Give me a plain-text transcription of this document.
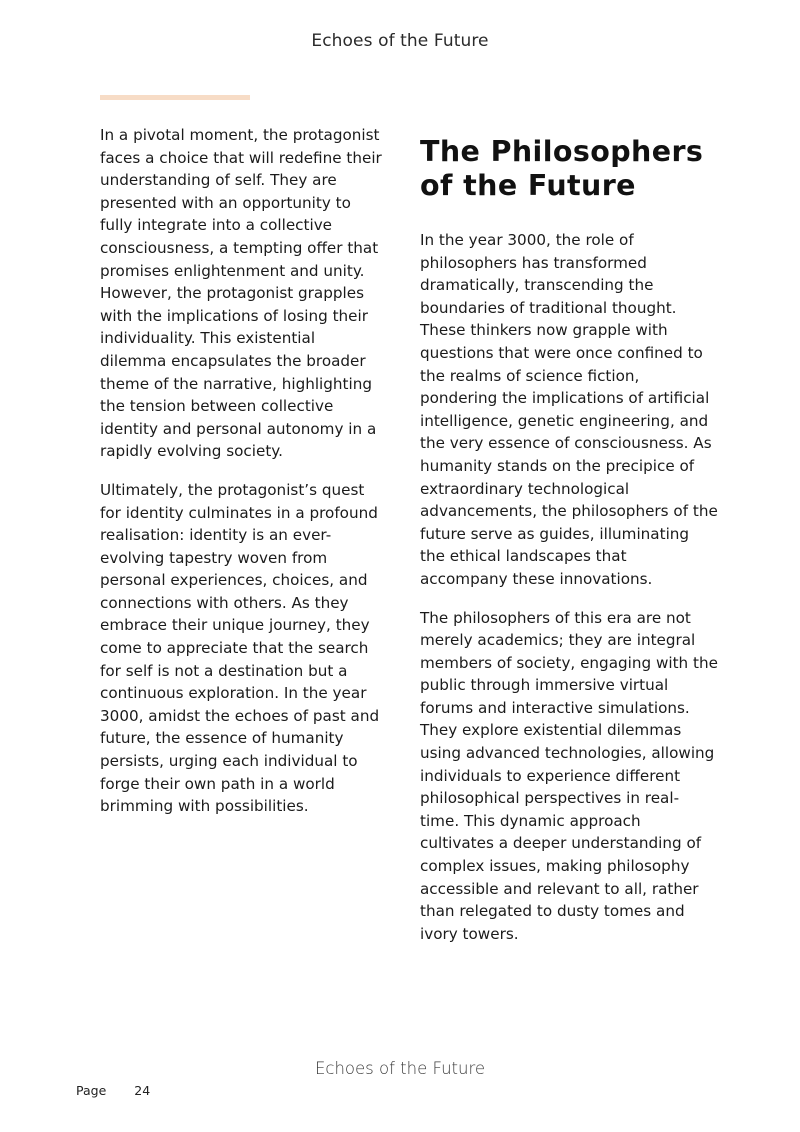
Echoes of the Future

In a pivotal moment, the protagonist faces a choice that will redefine their understanding of self. They are presented with an opportunity to fully integrate into a collective consciousness, a tempting offer that promises enlightenment and unity. However, the protagonist grapples with the implications of losing their individuality. This existential dilemma encapsulates the broader theme of the narrative, highlighting the tension between collective identity and personal autonomy in a rapidly evolving society.

Ultimately, the protagonist’s quest for identity culminates in a profound realisation: identity is an ever-evolving tapestry woven from personal experiences, choices, and connections with others. As they embrace their unique journey, they come to appreciate that the search for self is not a destination but a continuous exploration. In the year 3000, amidst the echoes of past and future, the essence of humanity persists, urging each individual to forge their own path in a world brimming with possibilities.

The Philosophers of the Future

In the year 3000, the role of philosophers has transformed dramatically, transcending the boundaries of traditional thought. These thinkers now grapple with questions that were once confined to the realms of science fiction, pondering the implications of artificial intelligence, genetic engineering, and the very essence of consciousness. As humanity stands on the precipice of extraordinary technological advancements, the philosophers of the future serve as guides, illuminating the ethical landscapes that accompany these innovations.

The philosophers of this era are not merely academics; they are integral members of society, engaging with the public through immersive virtual forums and interactive simulations. They explore existential dilemmas using advanced technologies, allowing individuals to experience different philosophical perspectives in real-time. This dynamic approach cultivates a deeper understanding of complex issues, making philosophy accessible and relevant to all, rather than relegated to dusty tomes and ivory towers.

Echoes of the Future
Page 24
